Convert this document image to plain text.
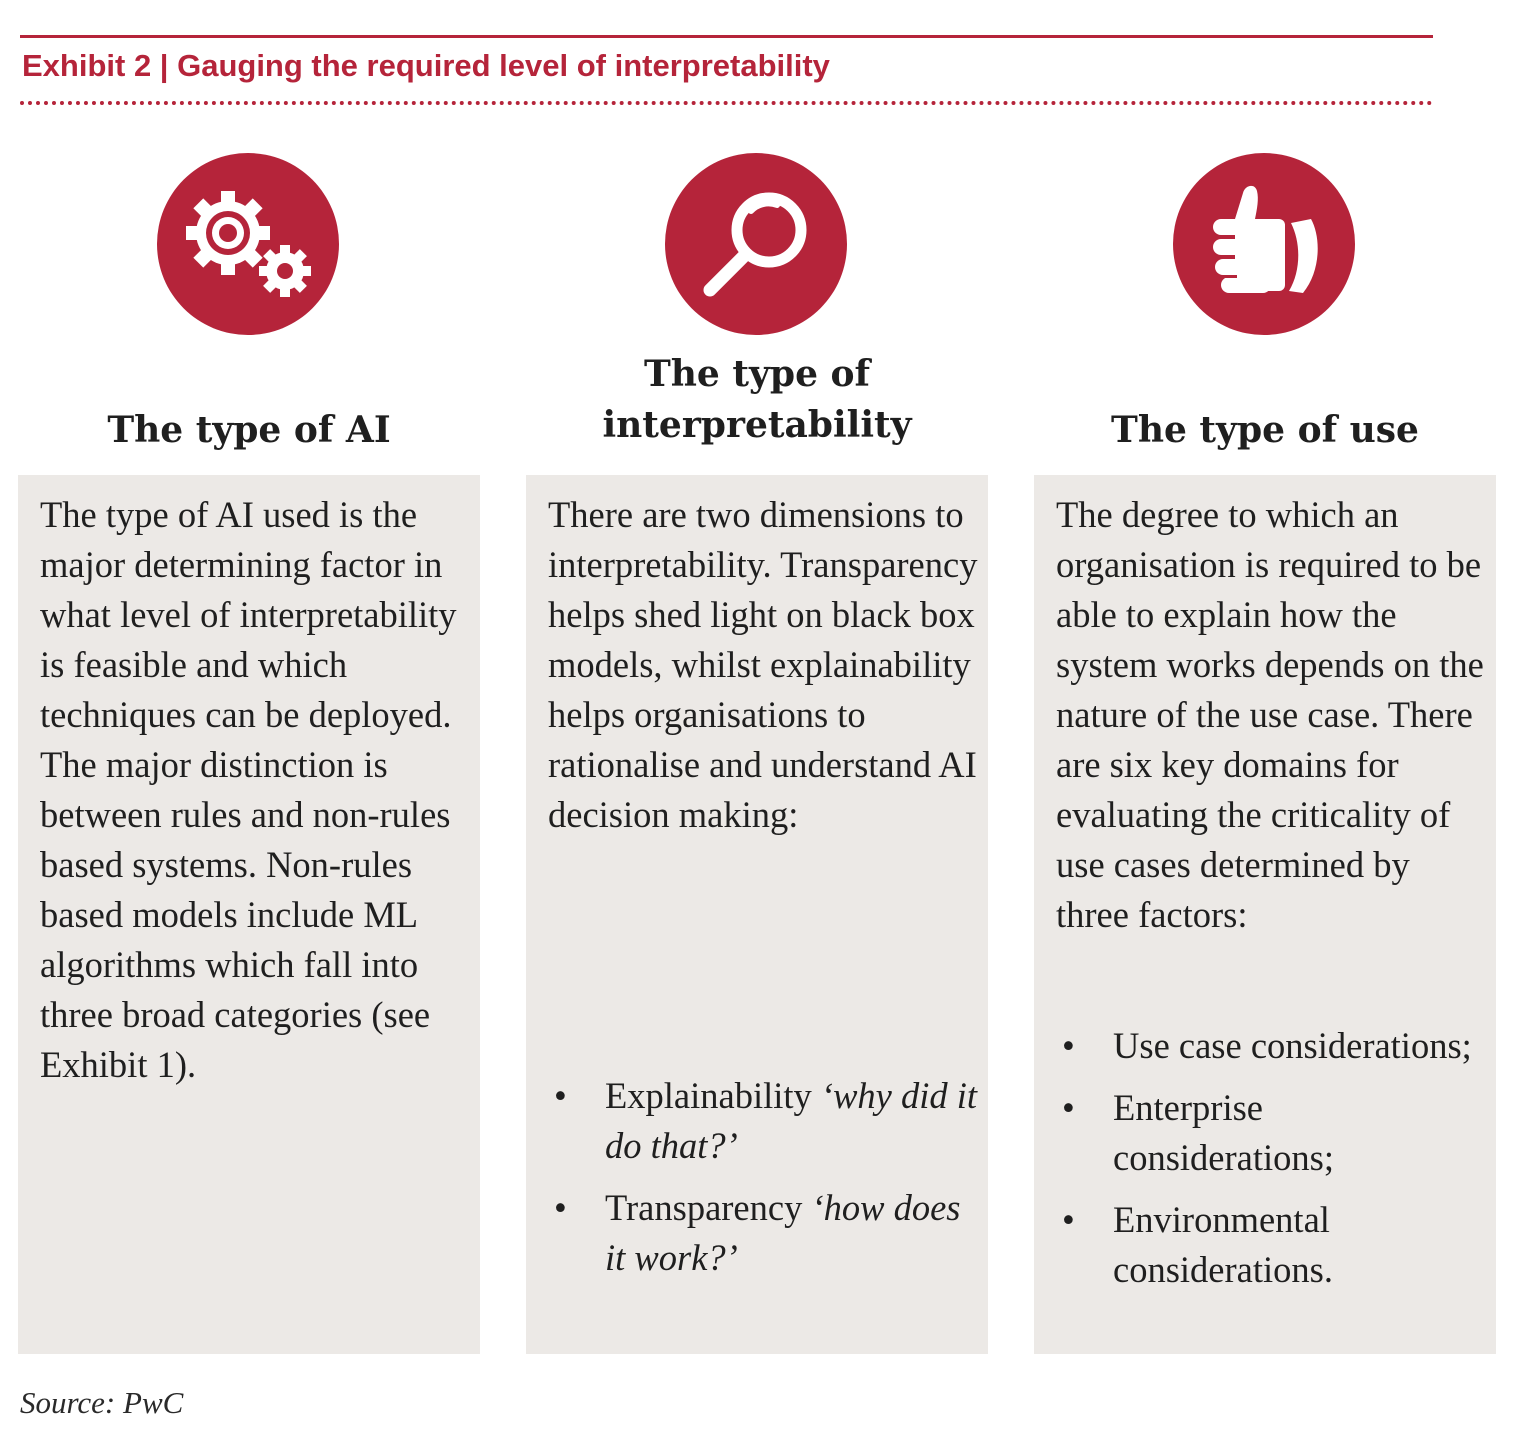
Exhibit 2 | Gauging the required level of interpretability
The type of AI

The type of AI used is the major determining factor in what level of interpretability is feasible and which techniques can be deployed. The major distinction is between rules and non-rules based systems. Non-rules based models include ML algorithms which fall into three broad categories (see Exhibit 1).

The type of
interpretability

There are two dimensions to interpretability. Transparency helps shed light on black box models, whilst explainability helps organisations to rationalise and understand AI decision making:

• Explainability ‘why did it do that?’
• Transparency ‘how does it work?’
The type of use

The degree to which an organisation is required to be able to explain how the system works depends on the nature of the use case. There are six key domains for evaluating the criticality of use cases determined by three factors:

• Use case considerations;
• Enterprise considerations;
• Environmental considerations.
Source: PwC
